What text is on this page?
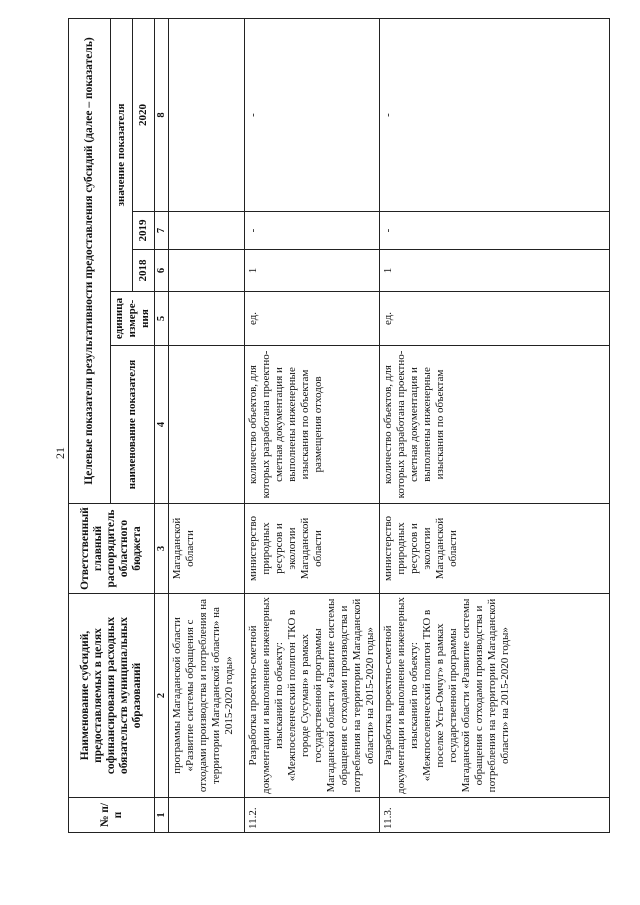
21
№ п/п	Наименование субсидий, предоставляемых в целях софинансирования расходных обязательств муниципальных образований	Ответственный главный распорядитель областного бюджета	Целевые показатели результативности предоставления субсидий (далее – показатель)				
			наименование показателя	единица измере-ния	значение показателя		
					2018	2019	2020
1	2	3	4	5	6	7	8
	программы Магаданской области «Развитие системы обращения с отходами производства и потребления на территории Магаданской области» на 2015-2020 годы»	Магаданской области					
11.2.	Разработка проектно-сметной документации и выполнение инженерных изысканий по объекту: «Межпоселенческий полигон ТКО в городе Сусуман» в рамках государственной программы Магаданской области «Развитие системы обращения с отходами производства и потребления на территории Магаданской области» на 2015-2020 годы»	министерство природных ресурсов и экологии Магаданской области	количество объектов, для которых разработана проектно-сметная документация и выполнены инженерные изыскания по объектам размещения отходов	ед.	1	-	-
11.3.	Разработка проектно-сметной документации и выполнение инженерных изысканий по объекту: «Межпоселенческий полигон ТКО в поселке Усть-Омчуг» в рамках государственной программы Магаданской области «Развитие системы обращения с отходами производства и потребления на территории Магаданской области» на 2015-2020 годы»	министерство природных ресурсов и экологии Магаданской области	количество объектов, для которых разработана проектно-сметная документация и выполнены инженерные изыскания по объектам	ед.	1	-	-
